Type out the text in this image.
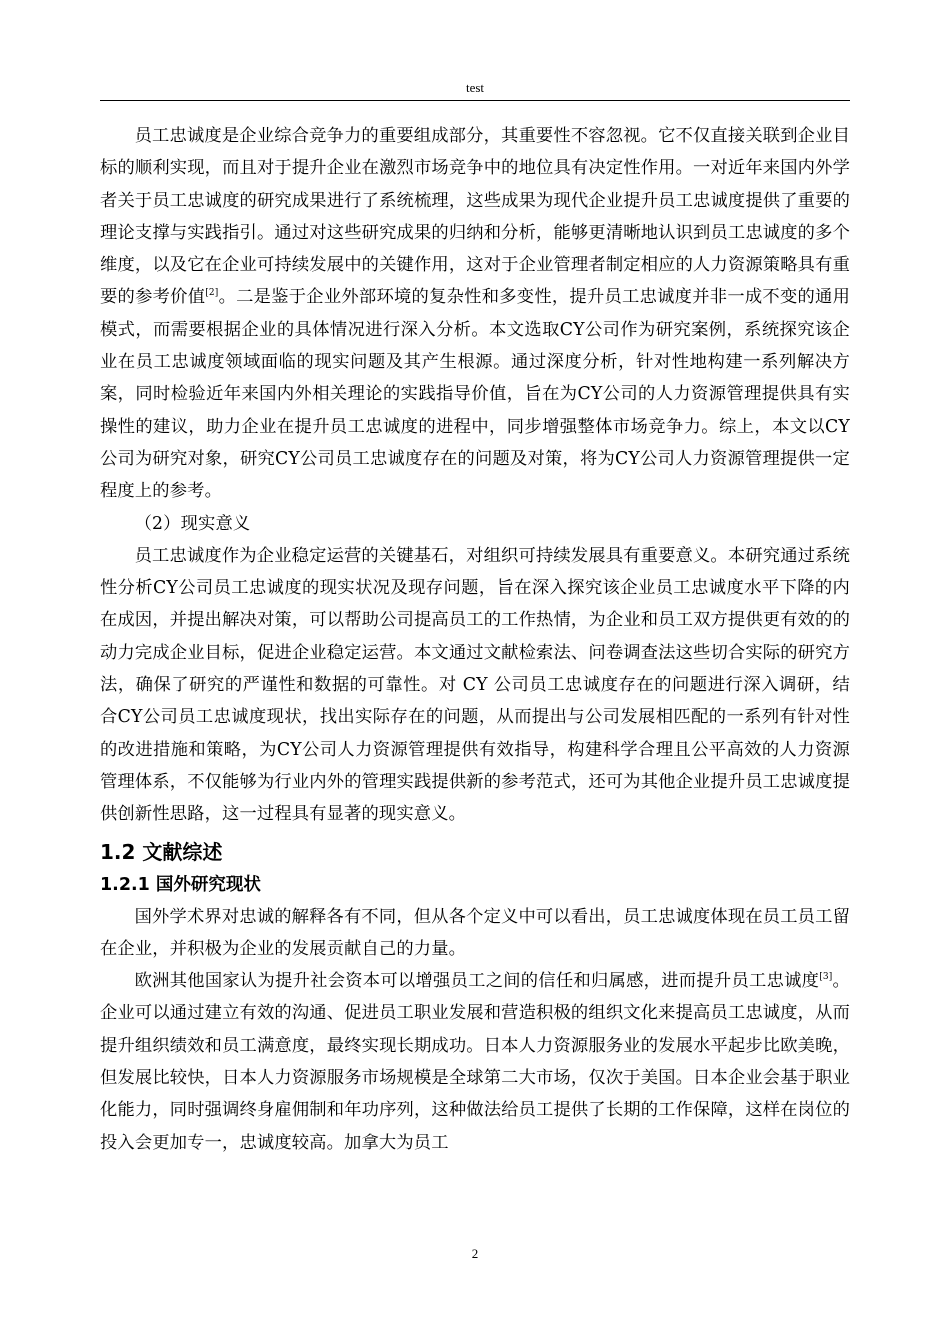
test

员工忠诚度是企业综合竞争力的重要组成部分，其重要性不容忽视。它不仅直接关联到企业目标的顺利实现，而且对于提升企业在激烈市场竞争中的地位具有决定性作用。一对近年来国内外学者关于员工忠诚度的研究成果进行了系统梳理，这些成果为现代企业提升员工忠诚度提供了重要的理论支撑与实践指引。通过对这些研究成果的归纳和分析，能够更清晰地认识到员工忠诚度的多个维度，以及它在企业可持续发展中的关键作用，这对于企业管理者制定相应的人力资源策略具有重要的参考价值[2]。二是鉴于企业外部环境的复杂性和多变性，提升员工忠诚度并非一成不变的通用模式，而需要根据企业的具体情况进行深入分析。本文选取CY公司作为研究案例，系统探究该企业在员工忠诚度领域面临的现实问题及其产生根源。通过深度分析，针对性地构建一系列解决方案，同时检验近年来国内外相关理论的实践指导价值，旨在为CY公司的人力资源管理提供具有实操性的建议，助力企业在提升员工忠诚度的进程中，同步增强整体市场竞争力。综上，本文以CY公司为研究对象，研究CY公司员工忠诚度存在的问题及对策，将为CY公司人力资源管理提供一定程度上的参考。

（2）现实意义

员工忠诚度作为企业稳定运营的关键基石，对组织可持续发展具有重要意义。本研究通过系统性分析CY公司员工忠诚度的现实状况及现存问题，旨在深入探究该企业员工忠诚度水平下降的内在成因，并提出解决对策，可以帮助公司提高员工的工作热情，为企业和员工双方提供更有效的的动力完成企业目标，促进企业稳定运营。本文通过文献检索法、问卷调查法这些切合实际的研究方法，确保了研究的严谨性和数据的可靠性。对 CY 公司员工忠诚度存在的问题进行深入调研，结合CY公司员工忠诚度现状，找出实际存在的问题，从而提出与公司发展相匹配的一系列有针对性的改进措施和策略，为CY公司人力资源管理提供有效指导，构建科学合理且公平高效的人力资源管理体系，不仅能够为行业内外的管理实践提供新的参考范式，还可为其他企业提升员工忠诚度提供创新性思路，这一过程具有显著的现实意义。

1.2 文献综述
1.2.1 国外研究现状

国外学术界对忠诚的解释各有不同，但从各个定义中可以看出，员工忠诚度体现在员工员工留在企业，并积极为企业的发展贡献自己的力量。

欧洲其他国家认为提升社会资本可以增强员工之间的信任和归属感，进而提升员工忠诚度[3]。企业可以通过建立有效的沟通、促进员工职业发展和营造积极的组织文化来提高员工忠诚度，从而提升组织绩效和员工满意度，最终实现长期成功。日本人力资源服务业的发展水平起步比欧美晚，但发展比较快，日本人力资源服务市场规模是全球第二大市场，仅次于美国。日本企业会基于职业化能力，同时强调终身雇佣制和年功序列，这种做法给员工提供了长期的工作保障，这样在岗位的投入会更加专一，忠诚度较高。加拿大为员工

2
